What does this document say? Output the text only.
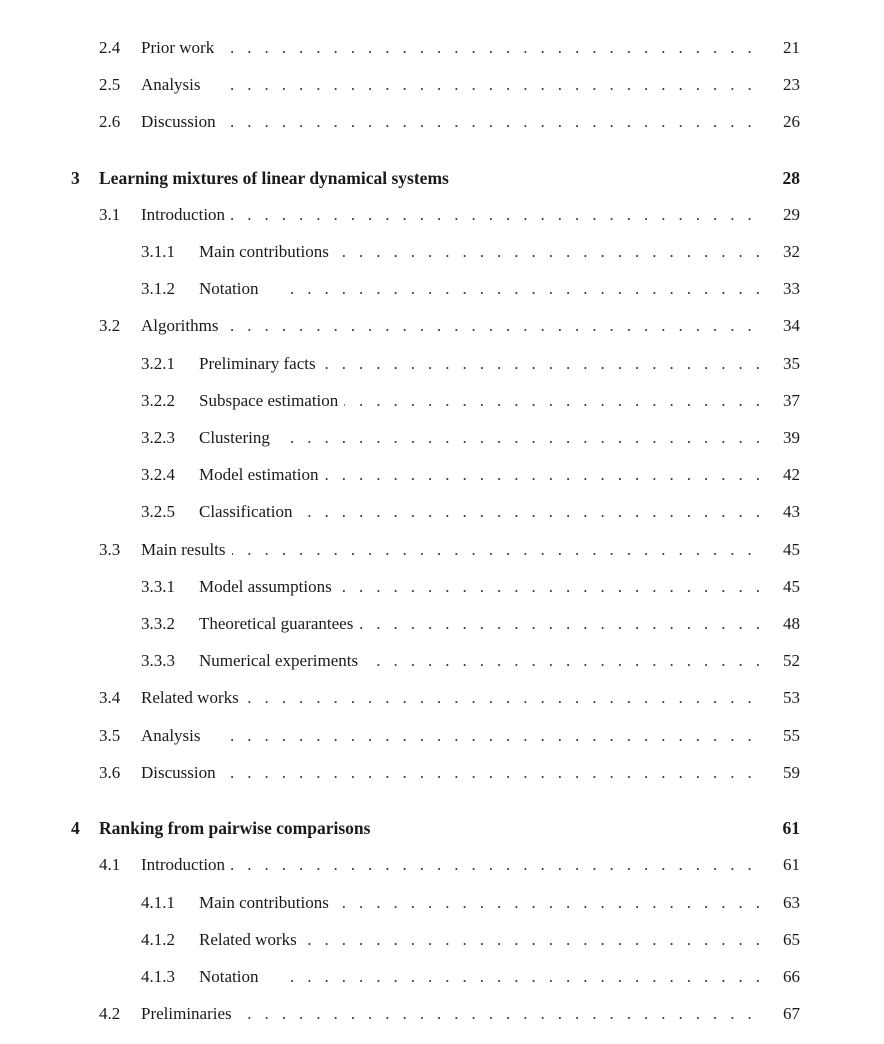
2.4 . Prior work	21
2.5 . Analysis	23
2.6 . Discussion	26
3 Learning mixtures of linear dynamical systems	28
3.1 . Introduction	29
3.1.1 . Main contributions	32
3.1.2 . Notation	33
3.2 . Algorithms	34
3.2.1 . Preliminary facts	35
3.2.2 . Subspace estimation	37
3.2.3 . Clustering	39
3.2.4 . Model estimation	42
3.2.5 . Classification	43
3.3 . Main results	45
3.3.1 . Model assumptions	45
3.3.2 . Theoretical guarantees	48
3.3.3 . Numerical experiments	52
3.4 . Related works	53
3.5 . Analysis	55
3.6 . Discussion	59
4 Ranking from pairwise comparisons	61
4.1 . Introduction	61
4.1.1 . Main contributions	63
4.1.2 . Related works	65
4.1.3 . Notation	66
4.2 . Preliminaries	67
